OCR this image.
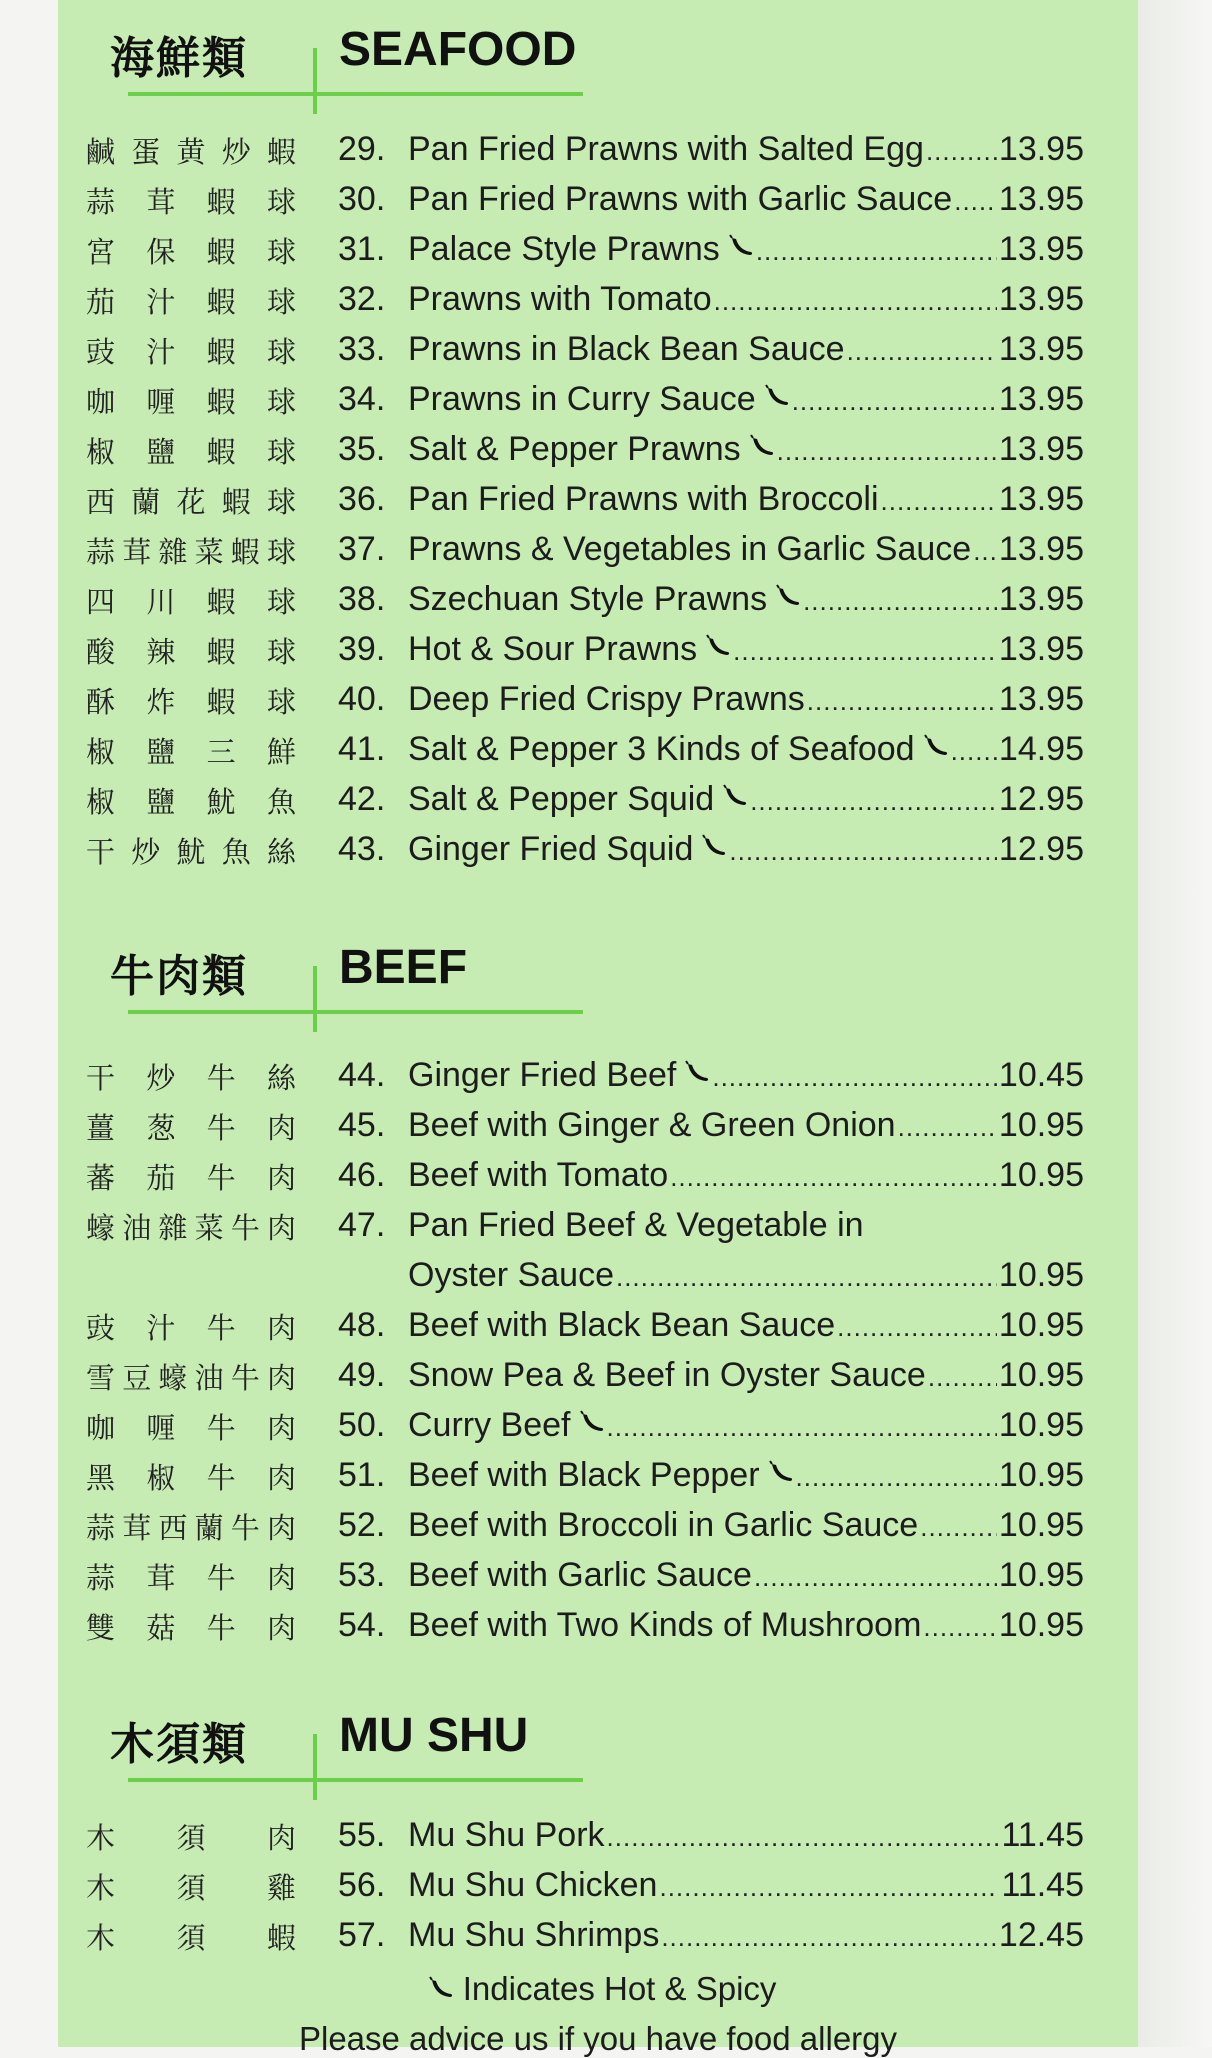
海鮮類 SEAFOOD
鹹 蛋 黄 炒 蝦 29. Pan Fried Prawns with Salted Egg ..... 13.95
蒜 茸 蝦 球 30. Pan Fried Prawns with Garlic Sauce ..... 13.95
宮 保 蝦 球 31. Palace Style Prawns .....	13.95
茄 汁 蝦 球 32. Prawns with Tomato .....	13.95
豉 汁 蝦 球 33. Prawns in Black Bean Sauce .....	13.95
咖 喱 蝦 球 34. Prawns in Curry Sauce .....	13.95
椒 鹽 蝦 球 35. Salt & Pepper Prawns .....	13.95
西 蘭 花 蝦 球 36. Pan Fried Prawns with Broccoli .....	13.95
蒜 茸 雜 菜 蝦 球 37. Prawns & Vegetables in Garlic Sauce ..... 13.95
四 川 蝦 球 38. Szechuan Style Prawns .....	13.95
酸 辣 蝦 球 39. Hot & Sour Prawns .....	13.95
酥 炸 蝦 球 40. Deep Fried Crispy Prawns .....	13.95
椒 鹽 三 鮮 41. Salt & Pepper 3 Kinds of Seafood ..... 14.95
椒 鹽 魷 魚 42. Salt & Pepper Squid .....	12.95
干 炒 魷 魚 絲 43. Ginger Fried Squid .....	12.95
牛肉類 BEEF
干 炒 牛 絲 44. Ginger Fried Beef .....	10.45
薑 葱 牛 肉 45. Beef with Ginger & Green Onion .....	10.95
蕃 茄 牛 肉 46. Beef with Tomato .....	10.95
蠔 油 雜 菜 牛 肉 47. Pan Fried Beef & Vegetable in
Oyster Sauce .....	10.95
豉 汁 牛 肉 48. Beef with Black Bean Sauce .....	10.95
雪 豆 蠔 油 牛 肉 49. Snow Pea & Beef in Oyster Sauce ..... 10.95
咖 喱 牛 肉 50. Curry Beef .....	10.95
黑 椒 牛 肉 51. Beef with Black Pepper .....	10.95
蒜 茸 西 蘭 牛 肉 52. Beef with Broccoli in Garlic Sauce ..... 10.95
蒜 茸 牛 肉 53. Beef with Garlic Sauce .....	10.95
雙 菇 牛 肉 54. Beef with Two Kinds of Mushroom ..... 10.95
木須類 MU SHU
木 須 肉 55. Mu Shu Pork .....	11.45
木 須 雞 56. Mu Shu Chicken .....	11.45
木 須 蝦 57. Mu Shu Shrimps .....	12.45
Indicates Hot & Spicy
Please advice us if you have food allergy
